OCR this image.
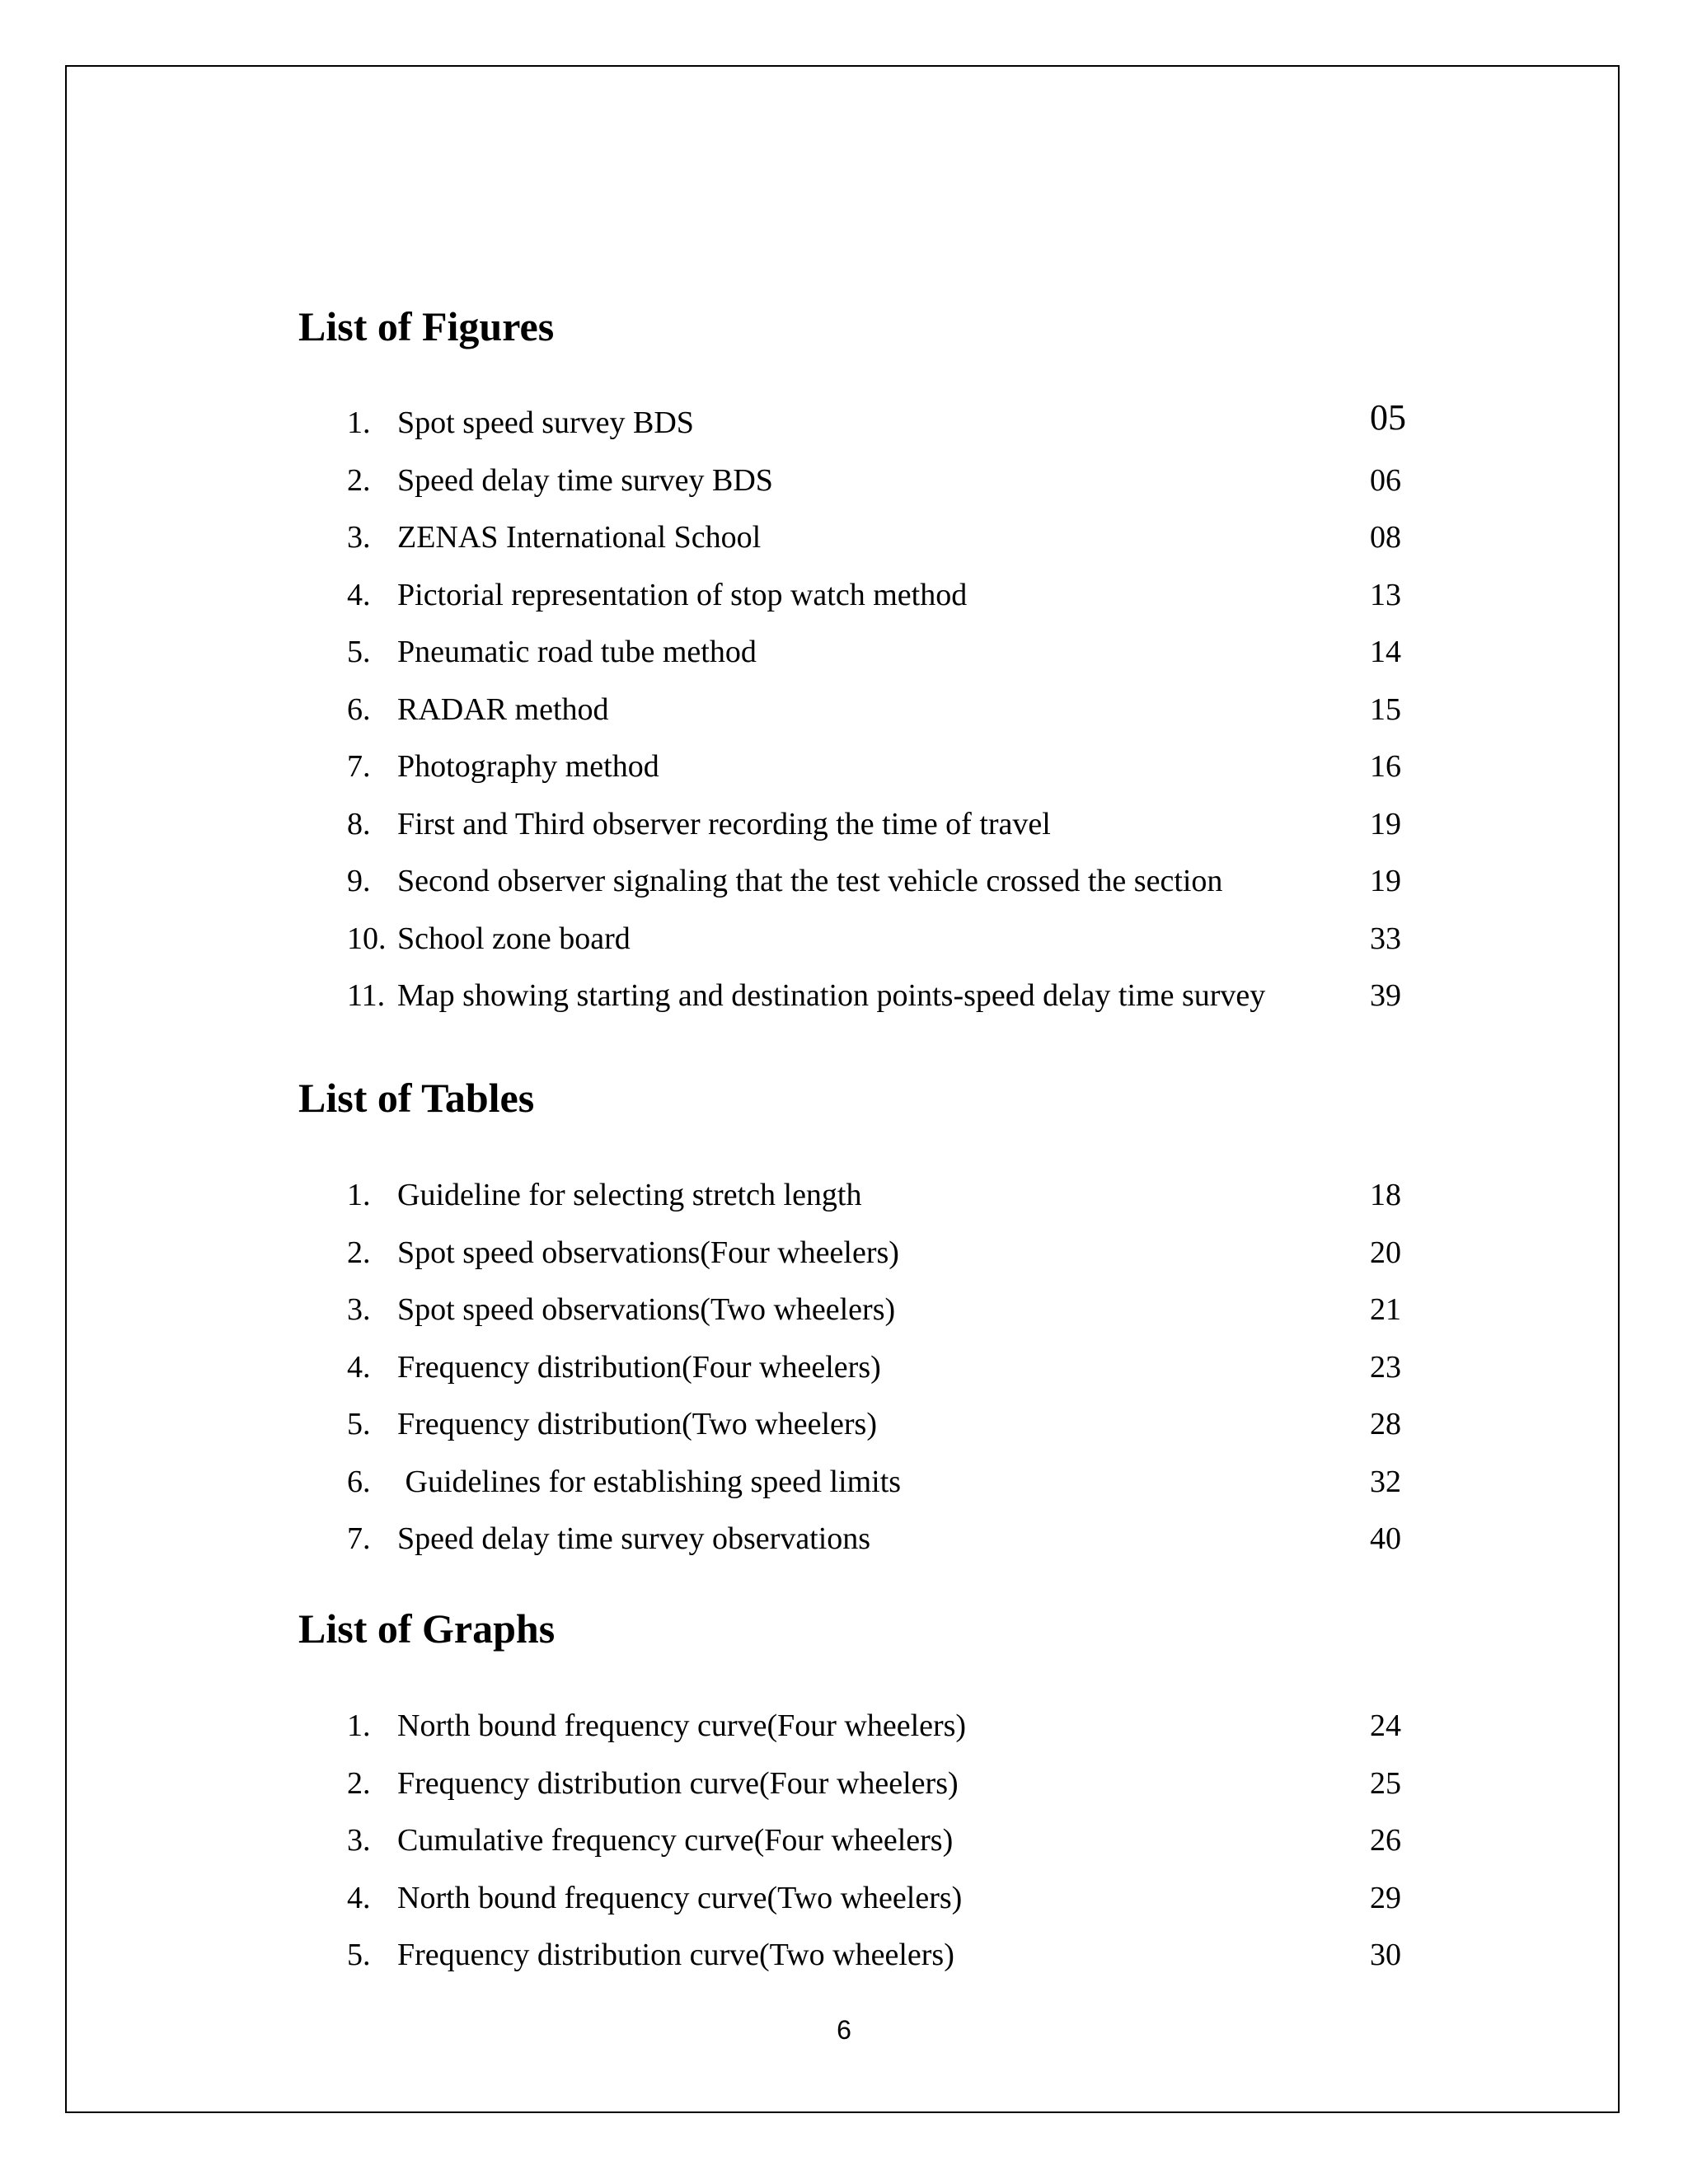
List of Figures
1. Spot speed survey BDS	05
2. Speed delay time survey BDS	06
3. ZENAS International School	08
4. Pictorial representation of stop watch method	13
5. Pneumatic road tube method	14
6. RADAR method	15
7. Photography method	16
8. First and Third observer recording the time of travel	19
9. Second observer signaling that the test vehicle crossed the section	19
10. School zone board	33
11. Map showing starting and destination points-speed delay time survey	39
List of Tables
1. Guideline for selecting stretch length	18
2. Spot speed observations(Four wheelers)	20
3. Spot speed observations(Two wheelers)	21
4. Frequency distribution(Four wheelers)	23
5. Frequency distribution(Two wheelers)	28
6. Guidelines for establishing speed limits	32
7. Speed delay time survey observations	40
List of Graphs
1. North bound frequency curve(Four wheelers)	24
2. Frequency distribution curve(Four wheelers)	25
3. Cumulative frequency curve(Four wheelers)	26
4. North bound frequency curve(Two wheelers)	29
5. Frequency distribution curve(Two wheelers)	30
6
